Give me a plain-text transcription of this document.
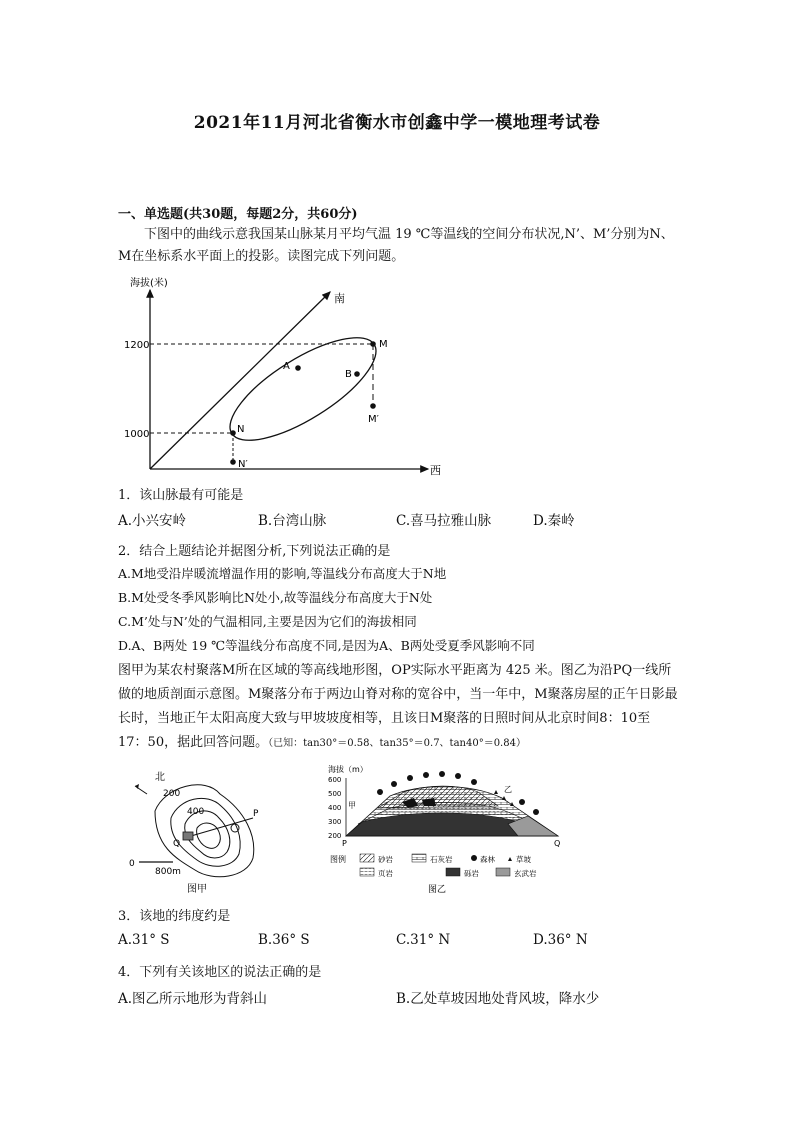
2021年11月河北省衡水市创鑫中学一模地理考试卷
一、单选题(共30题，每题2分，共60分)
下图中的曲线示意我国某山脉某月平均气温 19 ℃等温线的空间分布状况,N’、M’分别为N、M在坐标系水平面上的投影。读图完成下列问题。
海拔(米)
南
西
1200
1000
M
N
A
B
M′
N′
1．该山脉最有可能是
A.小兴安岭	B.台湾山脉	C.喜马拉雅山脉	D.秦岭
2．结合上题结论并据图分析,下列说法正确的是
A.M地受沿岸暖流增温作用的影响,等温线分布高度大于N地
B.M处受冬季风影响比N处小,故等温线分布高度大于N处
C.M’处与N’处的气温相同,主要是因为它们的海拔相同
D.A、B两处 19 ℃等温线分布高度不同,是因为A、B两处受夏季风影响不同
图甲为某农村聚落M所在区域的等高线地形图，OP实际水平距离为 425 米。图乙为沿PQ一线所做的地质剖面示意图。M聚落分布于两边山脊对称的宽谷中，当一年中，M聚落房屋的正午日影最长时，当地正午太阳高度大致与甲坡坡度相等，且该日M聚落的日照时间从北京时间8：10至17：50，据此回答问题。（已知：tan30°＝0.58、tan35°＝0.7、tan40°＝0.84）
北
200
400	P
Q
0
800m
图甲
海拔（m）
600
500
400
300
200
甲
乙
P	Q
图例	砂岩	石灰岩	森林	草坡
页岩	砾岩	玄武岩
图乙
3．该地的纬度约是
A.31° S	B.36° S	C.31° N	D.36° N
4．下列有关该地区的说法正确的是
A.图乙所示地形为背斜山	B.乙处草坡因地处背风坡，降水少
